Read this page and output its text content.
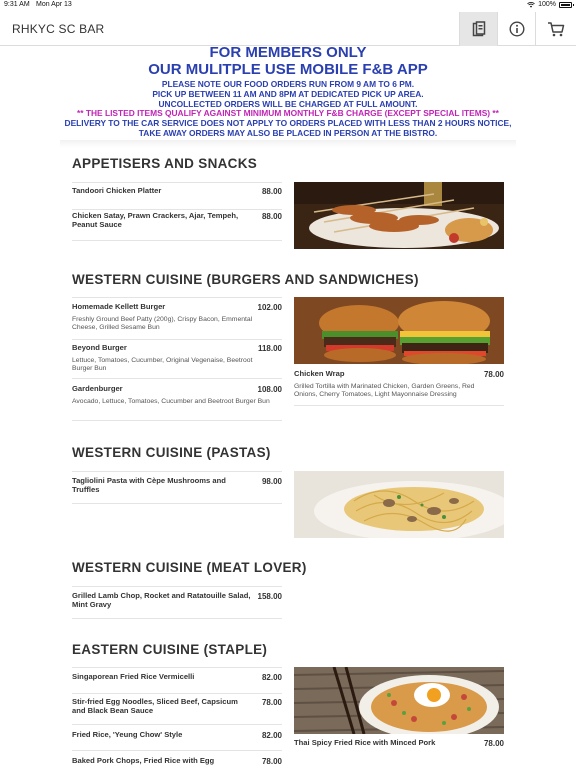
9:31 AM Mon Apr 13	100%
RHKYC SC BAR
FOR MEMBERS ONLY
OUR MULITPLE USE MOBILE F&B APP
PLEASE NOTE OUR FOOD ORDERS RUN FROM 9 AM TO 6 PM.
PICK UP BETWEEN 11 AM AND 8PM AT DEDICATED PICK UP AREA.
UNCOLLECTED ORDERS WILL BE CHARGED AT FULL AMOUNT.
** THE LISTED ITEMS QUALIFY AGAINST MINIMUM MONTHLY F&B CHARGE (EXCEPT SPECIAL ITEMS) **
DELIVERY TO THE CAR SERVICE DOES NOT APPLY TO ORDERS PLACED WITH LESS THAN 2 HOURS NOTICE,
TAKE AWAY ORDERS MAY ALSO BE PLACED IN PERSON AT THE BISTRO.
APPETISERS AND SNACKS
Tandoori Chicken Platter	88.00
Chicken Satay, Prawn Crackers, Ajar, Tempeh, Peanut Sauce
88.00
WESTERN CUISINE (BURGERS AND SANDWICHES)
Homemade Kellett Burger	102.00
Freshly Ground Beef Patty (200g), Crispy Bacon, Emmental Cheese, Grilled Sesame Bun
Beyond Burger	118.00
Lettuce, Tomatoes, Cucumber, Original Vegenaise, Beetroot Burger Bun
Gardenburger	108.00
Avocado, Lettuce, Tomatoes, Cucumber and Beetroot Burger Bun
Chicken Wrap	78.00
Grilled Tortilla with Marinated Chicken, Garden Greens, Red Onions, Cherry Tomatoes, Light Mayonnaise Dressing
WESTERN CUISINE (PASTAS)
Tagliolini Pasta with Cèpe Mushrooms and Truffles
98.00
WESTERN CUISINE (MEAT LOVER)
Grilled Lamb Chop, Rocket and Ratatouille Salad, Mint Gravy
158.00
EASTERN CUISINE (STAPLE)
Singaporean Fried Rice Vermicelli	82.00
Stir-fried Egg Noodles, Sliced Beef, Capsicum and Black Bean Sauce
78.00
Fried Rice, 'Yeung Chow' Style	82.00
Baked Pork Chops, Fried Rice with Egg	78.00
Thai Spicy Fried Rice with Minced Pork	78.00
